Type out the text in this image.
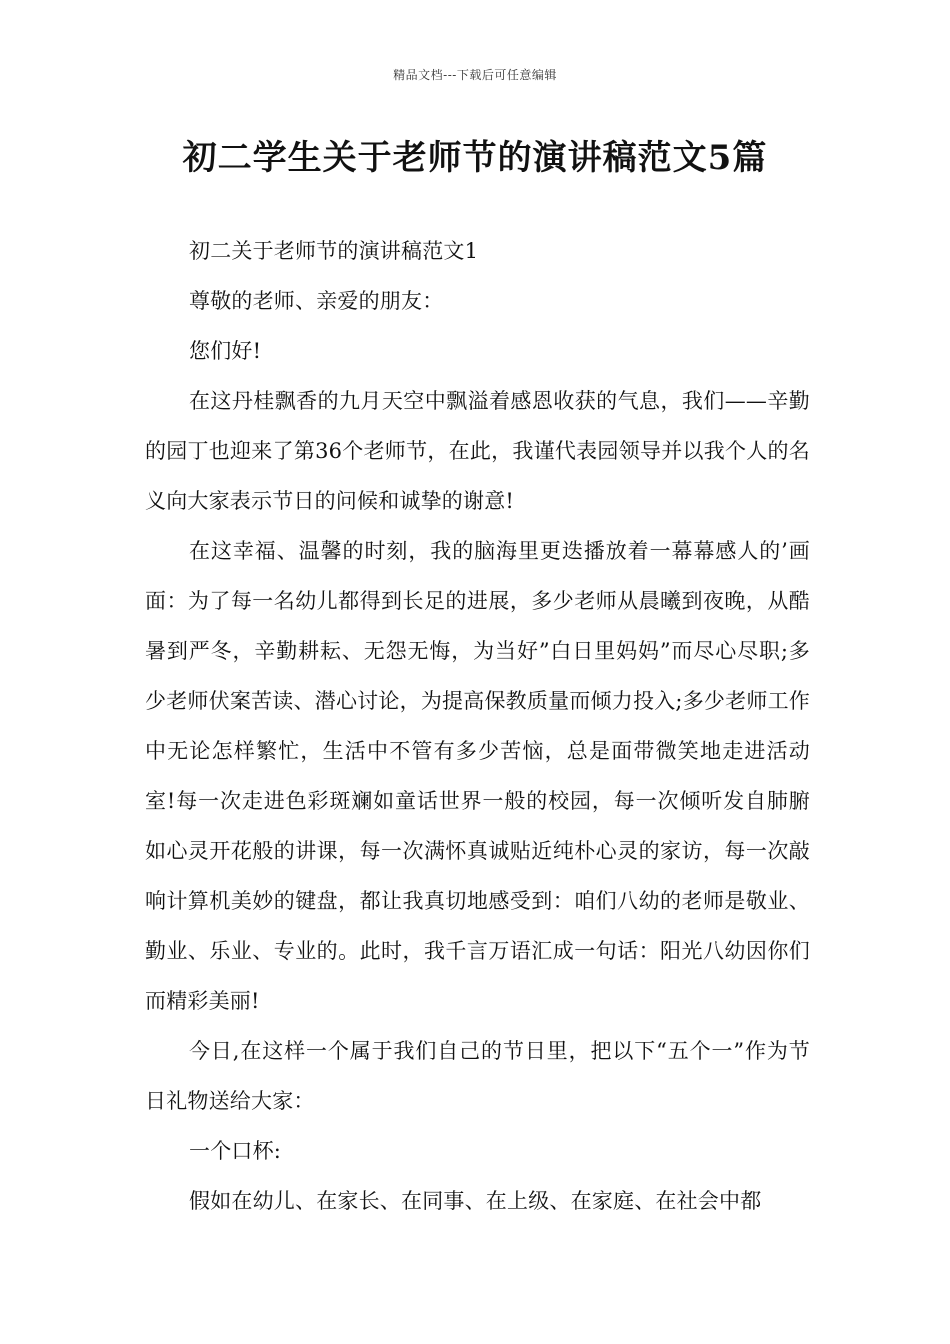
精品文档---下载后可任意编辑
初二学生关于老师节的演讲稿范文5篇

初二关于老师节的演讲稿范文1

尊敬的老师、亲爱的朋友：

您们好!

在这丹桂飘香的九月天空中飘溢着感恩收获的气息，我们——辛勤的园丁也迎来了第36个老师节，在此，我谨代表园领导并以我个人的名义向大家表示节日的问候和诚挚的谢意!

在这幸福、温馨的时刻，我的脑海里更迭播放着一幕幕感人的’画面：为了每一名幼儿都得到长足的进展，多少老师从晨曦到夜晚，从酷暑到严冬，辛勤耕耘、无怨无悔，为当好”白日里妈妈”而尽心尽职;多少老师伏案苦读、潜心讨论，为提高保教质量而倾力投入;多少老师工作中无论怎样繁忙，生活中不管有多少苦恼，总是面带微笑地走进活动室!每一次走进色彩斑斓如童话世界一般的校园，每一次倾听发自肺腑如心灵开花般的讲课，每一次满怀真诚贴近纯朴心灵的家访，每一次敲响计算机美妙的键盘，都让我真切地感受到：咱们八幼的老师是敬业、勤业、乐业、专业的。此时，我千言万语汇成一句话：阳光八幼因你们而精彩美丽!

今日,在这样一个属于我们自己的节日里，把以下“五个一”作为节日礼物送给大家：

一个口杯:

假如在幼儿、在家长、在同事、在上级、在家庭、在社会中都
